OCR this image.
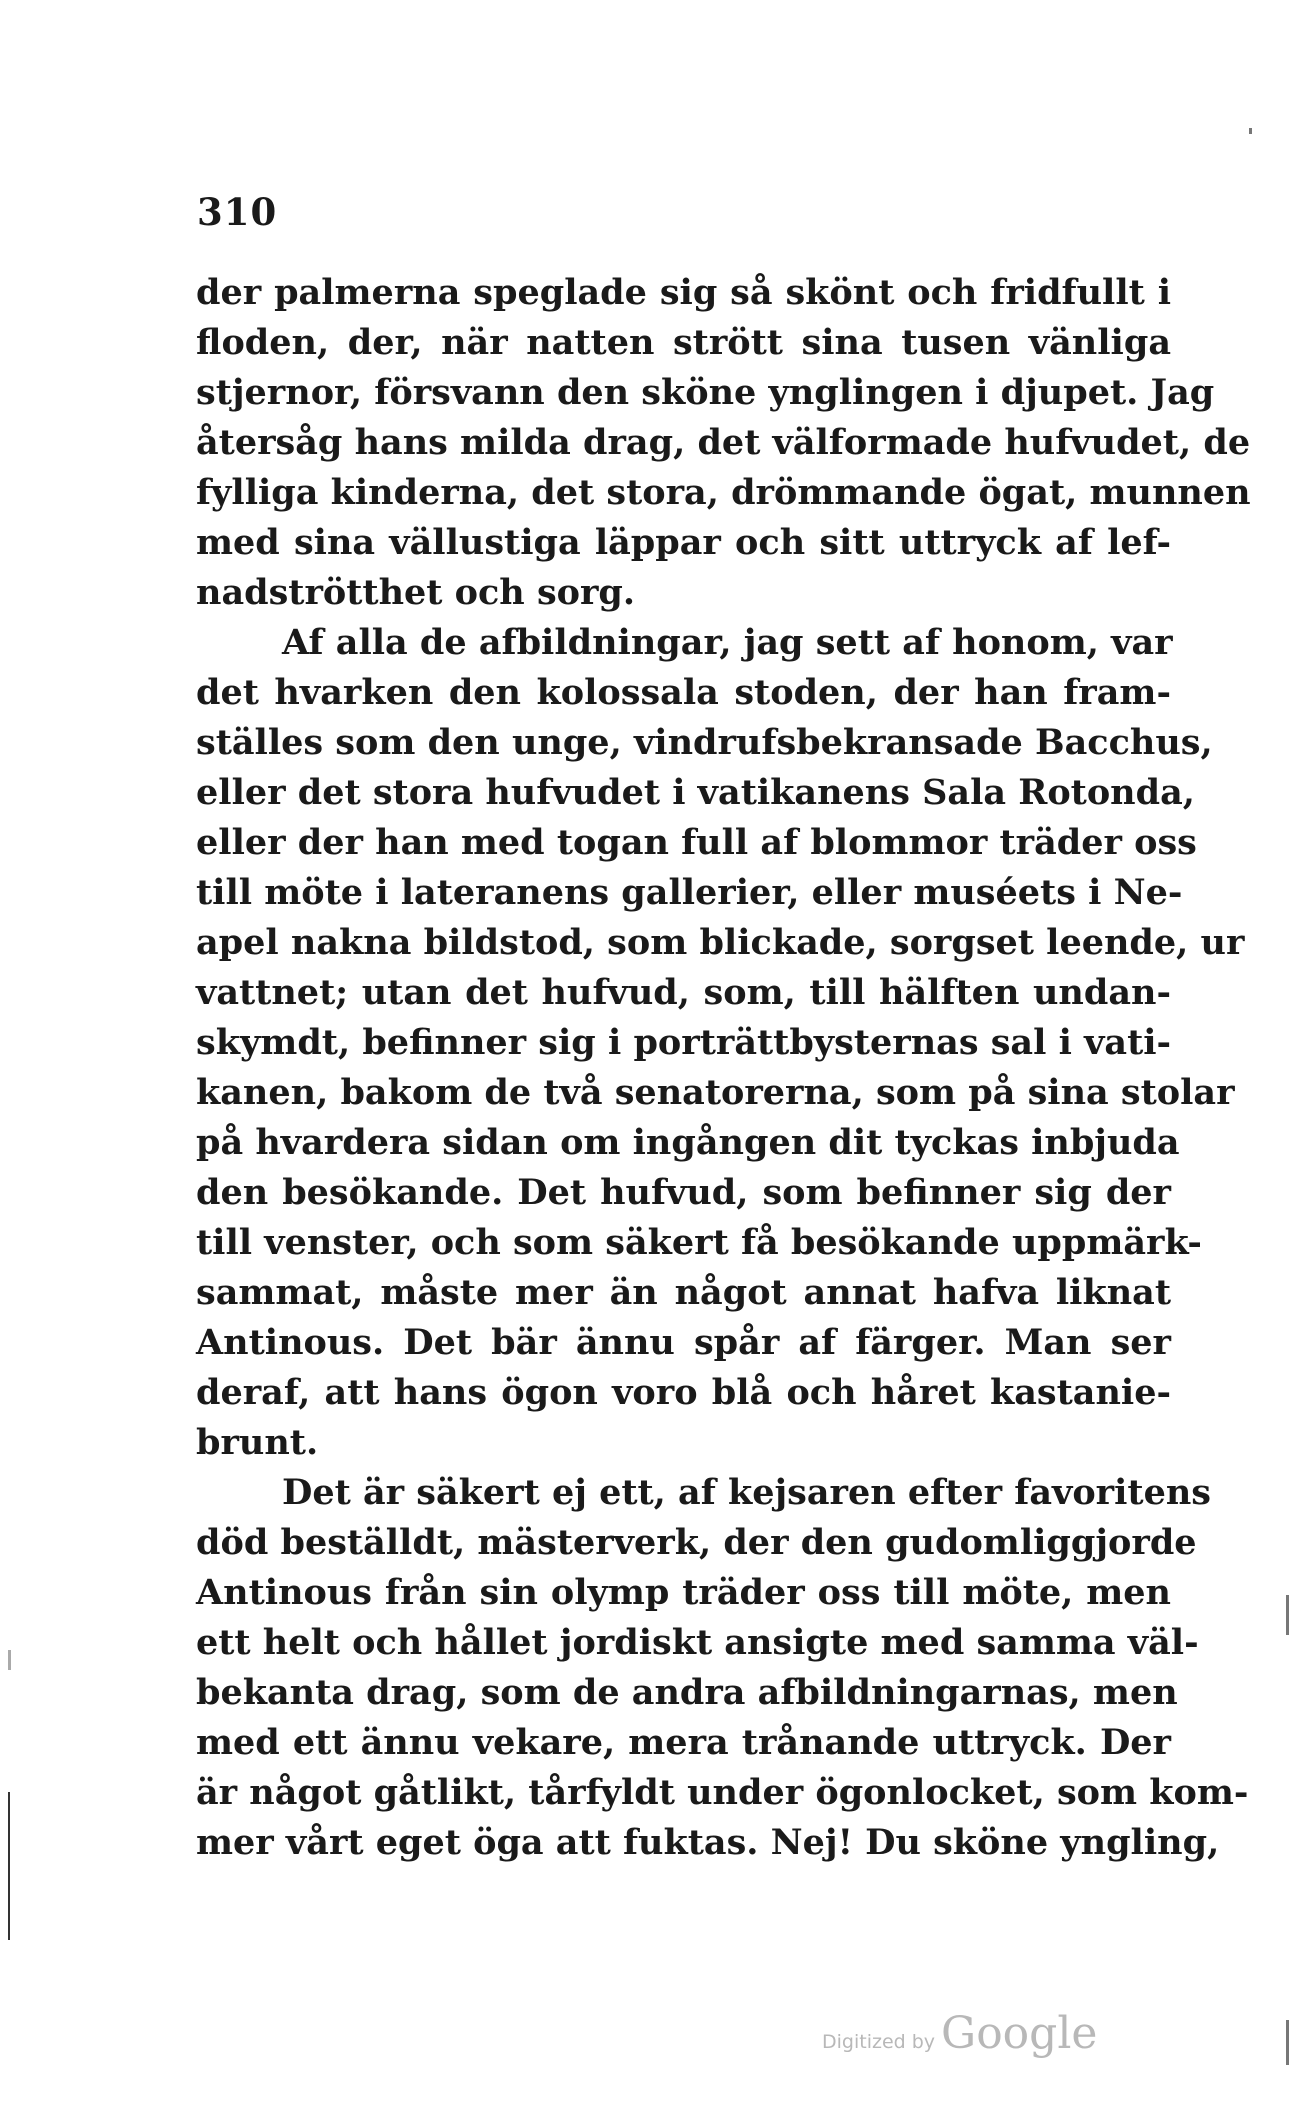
310
der palmerna speglade sig så skönt och fridfullt i
floden, der, när natten strött sina tusen vänliga
stjernor, försvann den sköne ynglingen i djupet. Jag
återsåg hans milda drag, det välformade hufvudet, de
fylliga kinderna, det stora, drömmande ögat, munnen
med sina vällustiga läppar och sitt uttryck af lef-
nadströtthet och sorg.
Af alla de afbildningar, jag sett af honom, var
det hvarken den kolossala stoden, der han fram-
ställes som den unge, vindrufsbekransade Bacchus,
eller det stora hufvudet i vatikanens Sala Rotonda,
eller der han med togan full af blommor träder oss
till möte i lateranens gallerier, eller muséets i Ne-
apel nakna bildstod, som blickade, sorgset leende, ur
vattnet; utan det hufvud, som, till hälften undan-
skymdt, befinner sig i porträttbysternas sal i vati-
kanen, bakom de två senatorerna, som på sina stolar
på hvardera sidan om ingången dit tyckas inbjuda
den besökande. Det hufvud, som befinner sig der
till venster, och som säkert få besökande uppmärk-
sammat, måste mer än något annat hafva liknat
Antinous. Det bär ännu spår af färger. Man ser
deraf, att hans ögon voro blå och håret kastanie-
brunt.
Det är säkert ej ett, af kejsaren efter favoritens
död beställdt, mästerverk, der den gudomliggjorde
Antinous från sin olymp träder oss till möte, men
ett helt och hållet jordiskt ansigte med samma väl-
bekanta drag, som de andra afbildningarnas, men
med ett ännu vekare, mera trånande uttryck. Der
är något gåtlikt, tårfyldt under ögonlocket, som kom-
mer vårt eget öga att fuktas. Nej! Du sköne yngling,
Digitized by Google
